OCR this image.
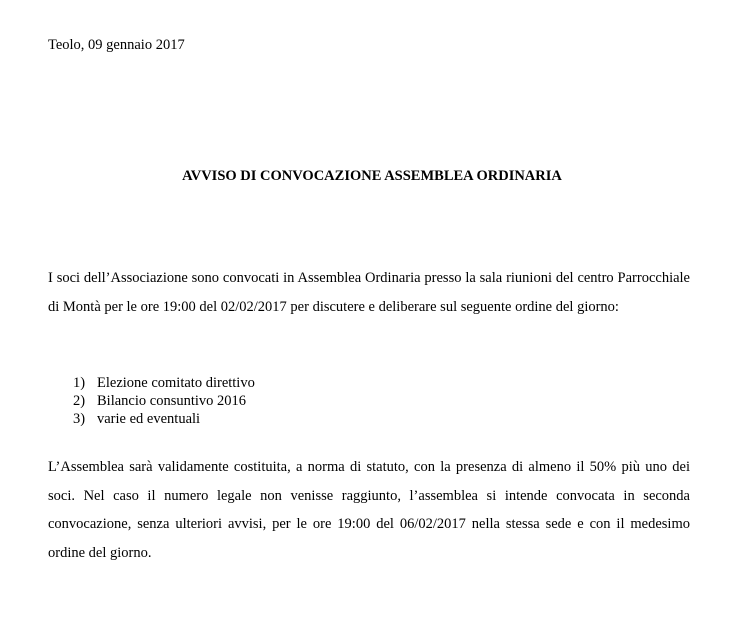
Teolo, 09 gennaio 2017
AVVISO DI CONVOCAZIONE ASSEMBLEA ORDINARIA

I soci dell’Associazione sono convocati in Assemblea Ordinaria presso la sala riunioni del centro Parrocchiale di Montà per le ore 19:00 del 02/02/2017 per discutere e deliberare sul seguente ordine del giorno:

1) Elezione comitato direttivo
2) Bilancio consuntivo 2016
3) varie ed eventuali

L’Assemblea sarà validamente costituita, a norma di statuto, con la presenza di almeno il 50% più uno dei soci. Nel caso il numero legale non venisse raggiunto, l’assemblea si intende convocata in seconda convocazione, senza ulteriori avvisi, per le ore 19:00 del 06/02/2017 nella stessa sede e con il medesimo ordine del giorno.
